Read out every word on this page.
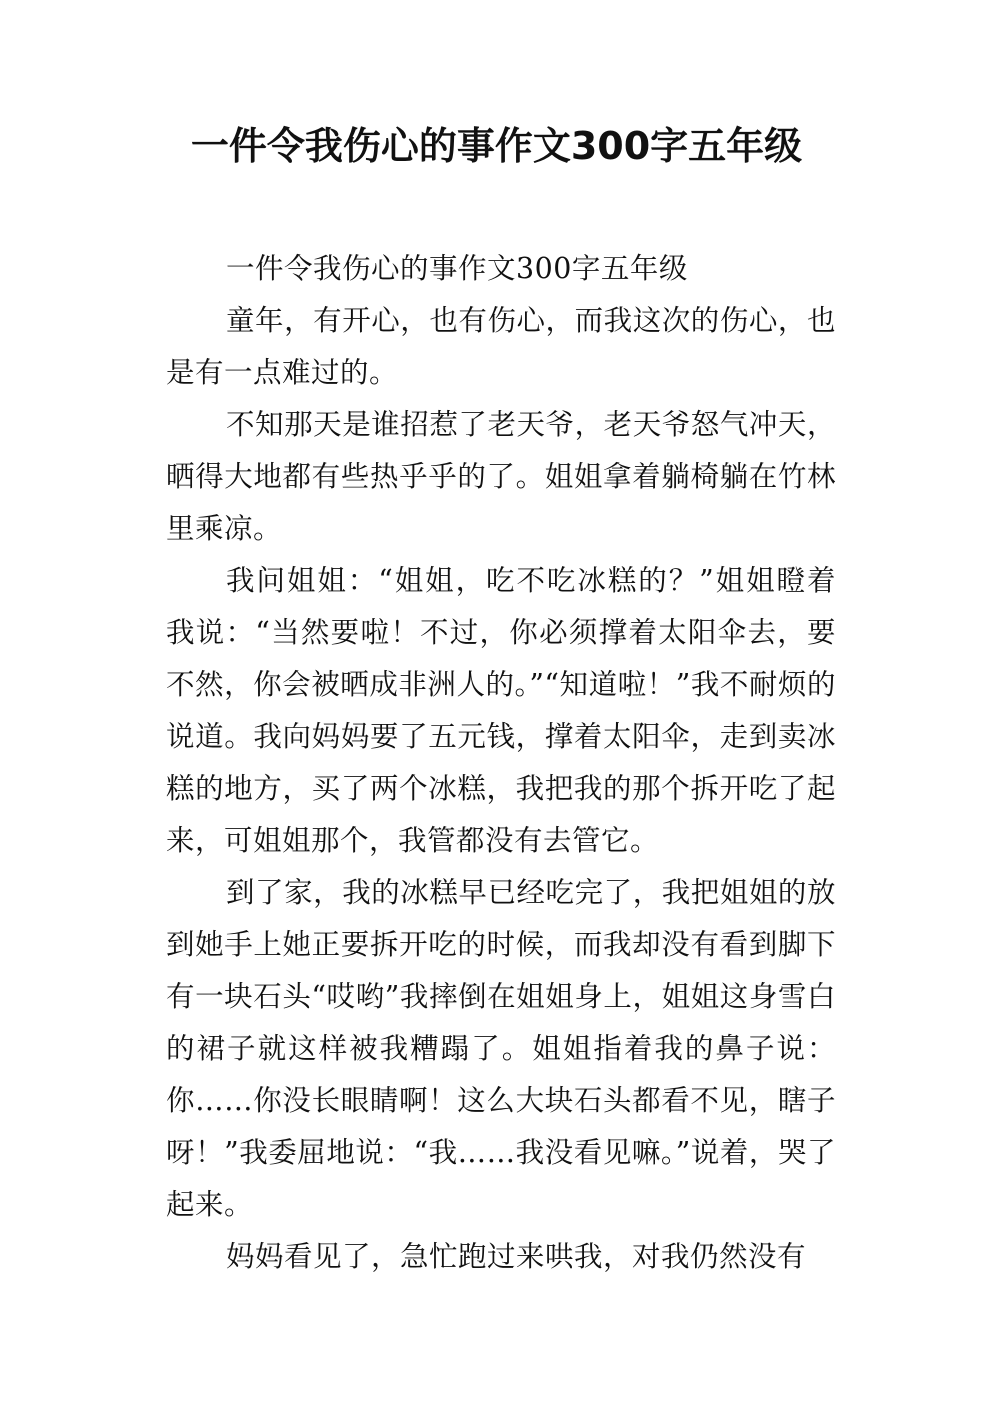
一件令我伤心的事作文300字五年级

一件令我伤心的事作文300字五年级

童年，有开心，也有伤心，而我这次的伤心，也是有一点难过的。

不知那天是谁招惹了老天爷，老天爷怒气冲天，晒得大地都有些热乎乎的了。姐姐拿着躺椅躺在竹林里乘凉。

我问姐姐：“姐姐，吃不吃冰糕的？”姐姐瞪着我说：“当然要啦！不过，你必须撑着太阳伞去，要不然，你会被晒成非洲人的。”“知道啦！”我不耐烦的说道。我向妈妈要了五元钱，撑着太阳伞，走到卖冰糕的地方，买了两个冰糕，我把我的那个拆开吃了起来，可姐姐那个，我管都没有去管它。

到了家，我的冰糕早已经吃完了，我把姐姐的放到她手上她正要拆开吃的时候，而我却没有看到脚下有一块石头“哎哟”我摔倒在姐姐身上，姐姐这身雪白的裙子就这样被我糟蹋了。姐姐指着我的鼻子说：你……你没长眼睛啊！这么大块石头都看不见，瞎子呀！”我委屈地说：“我……我没看见嘛。”说着，哭了起来。

妈妈看见了，急忙跑过来哄我，对我仍然没有
